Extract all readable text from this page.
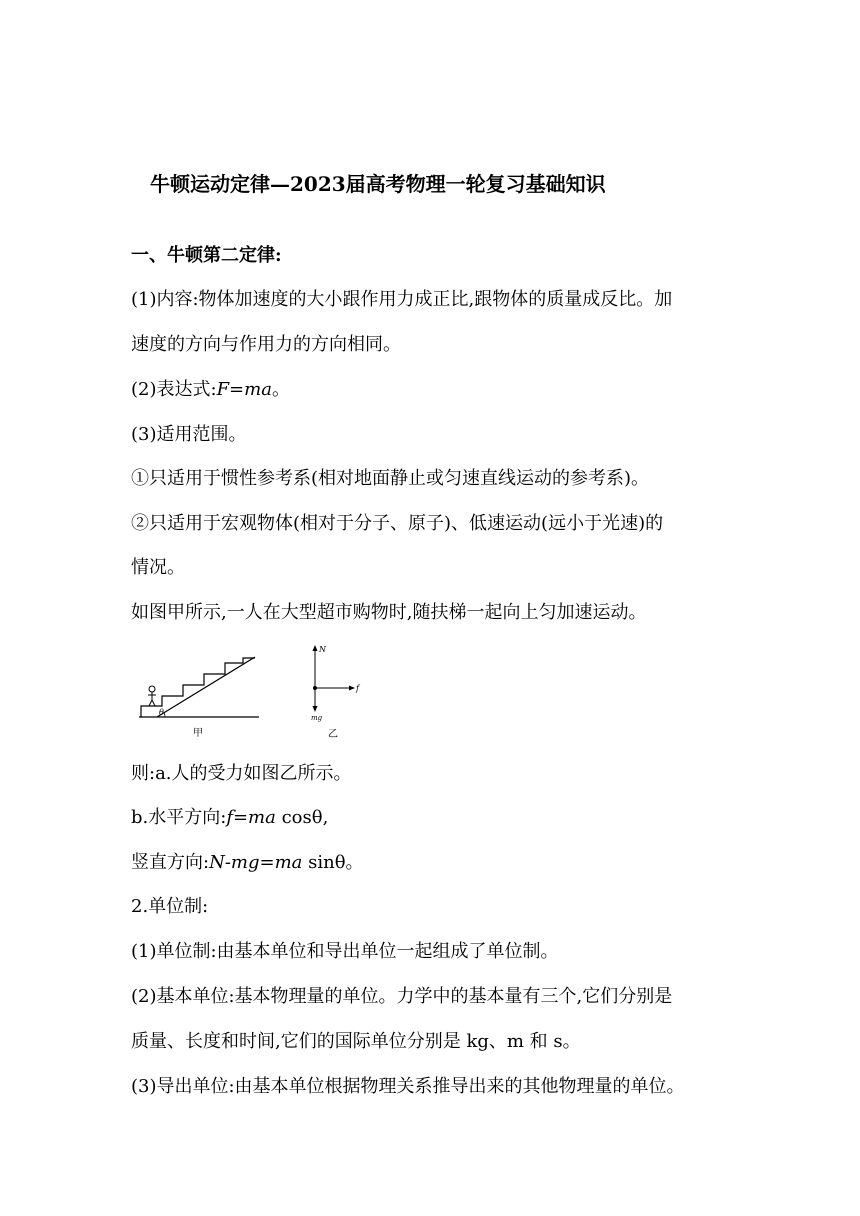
牛顿运动定律—2023届高考物理一轮复习基础知识
一、牛顿第二定律:
(1)内容:物体加速度的大小跟作用力成正比,跟物体的质量成反比。加
速度的方向与作用力的方向相同。
(2)表达式:F=ma。
(3)适用范围。
①只适用于惯性参考系(相对地面静止或匀速直线运动的参考系)。
②只适用于宏观物体(相对于分子、原子)、低速运动(远小于光速)的
情况。
如图甲所示,一人在大型超市购物时,随扶梯一起向上匀加速运动。
θ
甲
N
f
mg
乙
则:a.人的受力如图乙所示。
b.水平方向:f=ma cosθ,
竖直方向:N-mg=ma sinθ。
2.单位制:
(1)单位制:由基本单位和导出单位一起组成了单位制。
(2)基本单位:基本物理量的单位。力学中的基本量有三个,它们分别是
质量、长度和时间,它们的国际单位分别是 kg、m 和 s。
(3)导出单位:由基本单位根据物理关系推导出来的其他物理量的单位。
